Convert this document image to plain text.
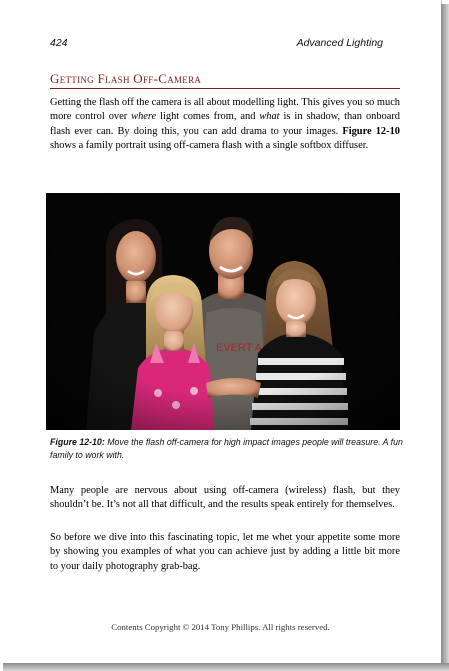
424	Advanced Lighting
Getting Flash Off-Camera

Getting the flash off the camera is all about modelling light. This gives you so much more control over where light comes from, and what is in shadow, than onboard flash ever can. By doing this, you can add drama to your images. Figure 12-10 shows a family portrait using off-camera flash with a single softbox diffuser.

Figure 12-10: Move the flash off-camera for high impact images people will treasure. A fun family to work with.

Many people are nervous about using off-camera (wireless) flash, but they shouldn’t be. It’s not all that difficult, and the results speak entirely for themselves.

So before we dive into this fascinating topic, let me whet your appetite some more by showing you examples of what you can achieve just by adding a little bit more to your daily photography grab-bag.

Contents Copyright © 2014 Tony Phillips. All rights reserved.
